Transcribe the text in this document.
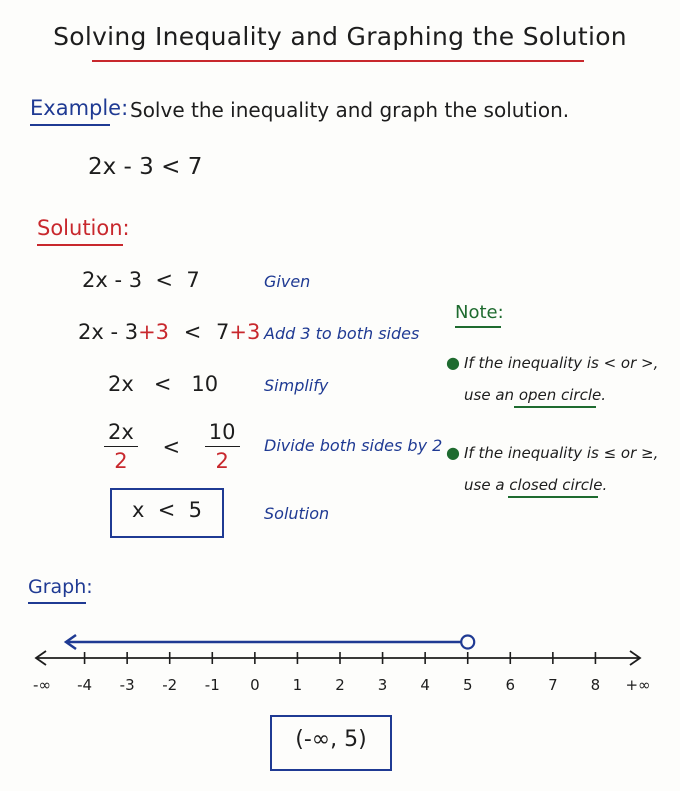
Solving Inequality and Graphing the Solution
Example: Solve the inequality and graph the solution.
2x - 3 < 7
Solution:
2x - 3  <  7	Given
2x - 3+3 < 7+3 Add 3 to both sides
2x   <   10	Simplify
$\frac{2x}{2} < \frac{10}{2}$ Divide both sides by 2
x  <  5	Solution
Note:
● If the inequality is < or >,
use an open circle.
● If the inequality is ≤ or ≥,
use a closed circle.
Graph:
-∞ -4 -3 -2 -1 0 1 2 3 4 5 6 7 8 +∞
(-∞, 5)
